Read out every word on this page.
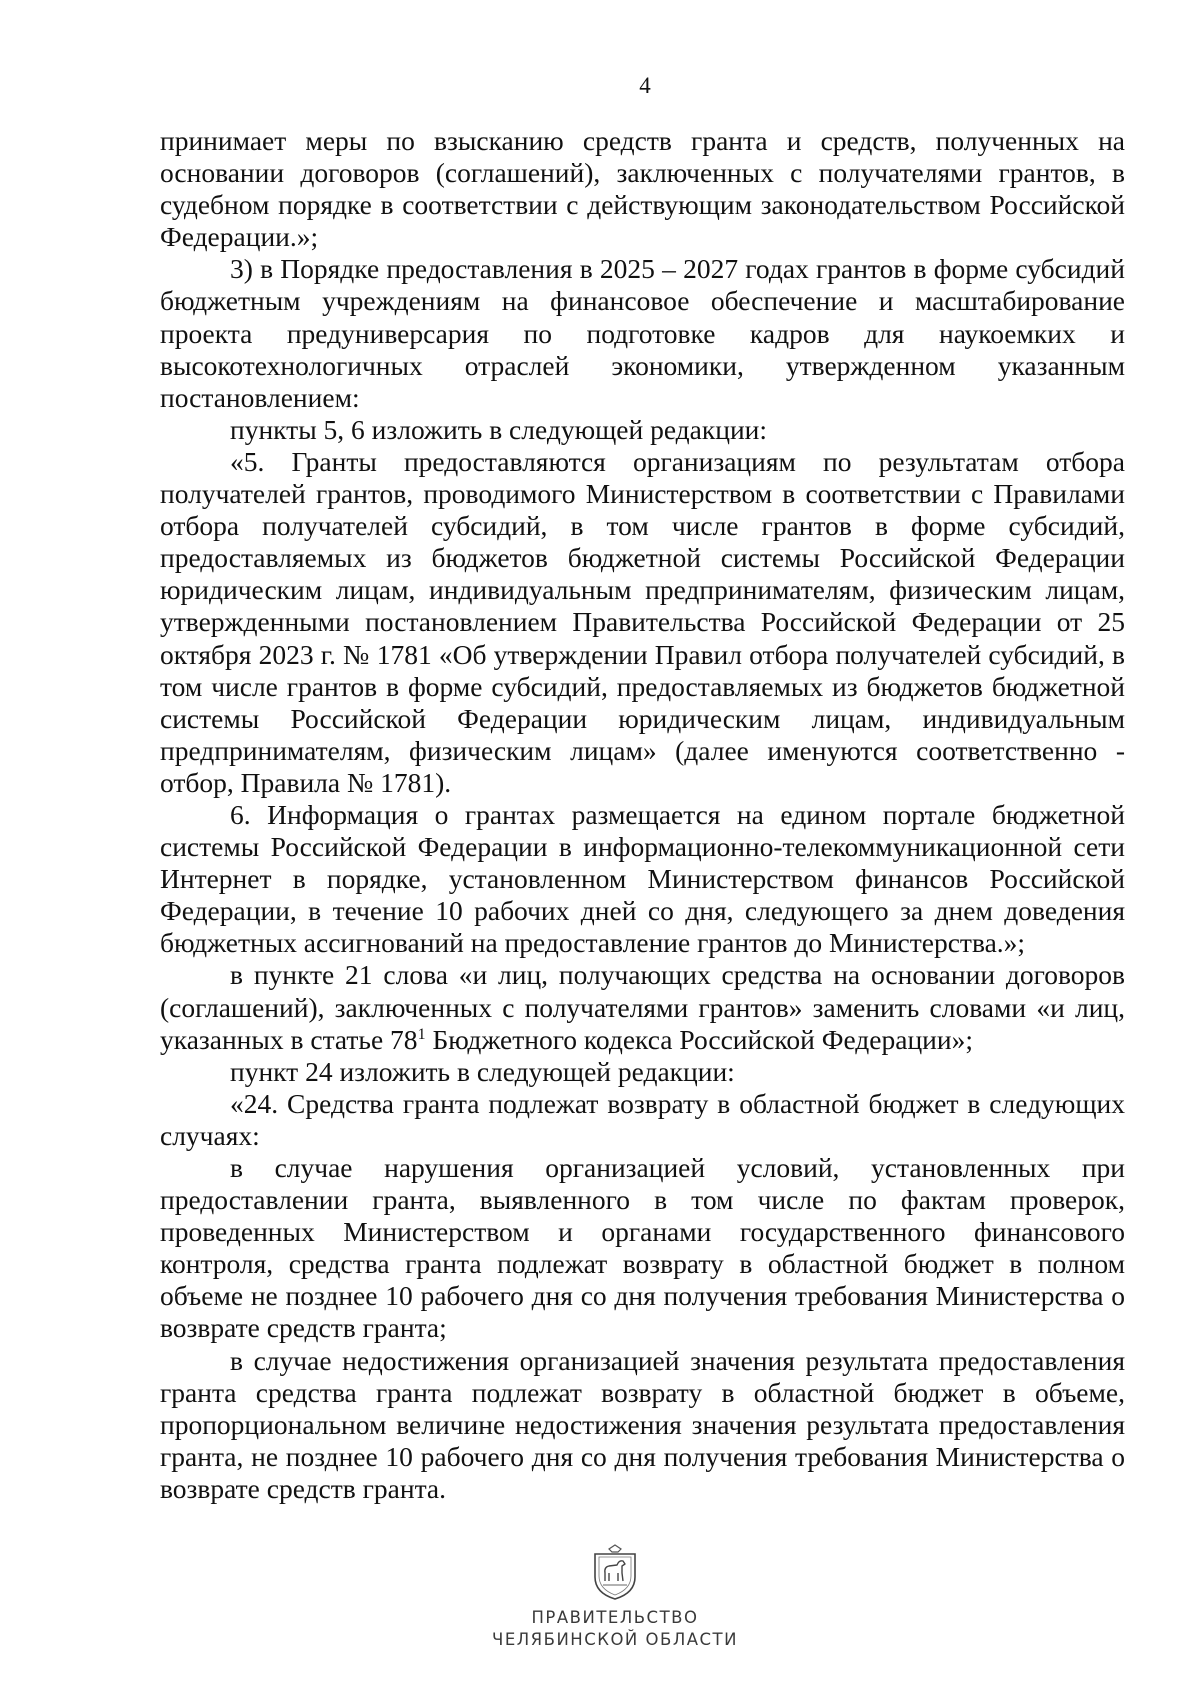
4

принимает меры по взысканию средств гранта и средств, полученных на основании договоров (соглашений), заключенных с получателями грантов, в судебном порядке в соответствии с действующим законодательством Российской Федерации.»;

3) в Порядке предоставления в 2025 – 2027 годах грантов в форме субсидий бюджетным учреждениям на финансовое обеспечение и масштабирование проекта предуниверсария по подготовке кадров для наукоемких и высокотехнологичных отраслей экономики, утвержденном указанным постановлением:

пункты 5, 6 изложить в следующей редакции:

«5. Гранты предоставляются организациям по результатам отбора получателей грантов, проводимого Министерством в соответствии с Правилами отбора получателей субсидий, в том числе грантов в форме субсидий, предоставляемых из бюджетов бюджетной системы Российской Федерации юридическим лицам, индивидуальным предпринимателям, физическим лицам, утвержденными постановлением Правительства Российской Федерации от 25 октября 2023 г. № 1781 «Об утверждении Правил отбора получателей субсидий, в том числе грантов в форме субсидий, предоставляемых из бюджетов бюджетной системы Российской Федерации юридическим лицам, индивидуальным предпринимателям, физическим лицам» (далее именуются соответственно - отбор, Правила № 1781).

6. Информация о грантах размещается на едином портале бюджетной системы Российской Федерации в информационно-телекоммуникационной сети Интернет в порядке, установленном Министерством финансов Российской Федерации, в течение 10 рабочих дней со дня, следующего за днем доведения бюджетных ассигнований на предоставление грантов до Министерства.»;

в пункте 21 слова «и лиц, получающих средства на основании договоров (соглашений), заключенных с получателями грантов» заменить словами «и лиц, указанных в статье $78^1$ Бюджетного кодекса Российской Федерации»;

пункт 24 изложить в следующей редакции:

«24. Средства гранта подлежат возврату в областной бюджет в следующих случаях:

в случае нарушения организацией условий, установленных при предоставлении гранта, выявленного в том числе по фактам проверок, проведенных Министерством и органами государственного финансового контроля, средства гранта подлежат возврату в областной бюджет в полном объеме не позднее 10 рабочего дня со дня получения требования Министерства о возврате средств гранта;

в случае недостижения организацией значения результата предоставления гранта средства гранта подлежат возврату в областной бюджет в объеме, пропорциональном величине недостижения значения результата предоставления гранта, не позднее 10 рабочего дня со дня получения требования Министерства о возврате средств гранта.

ПРАВИТЕЛЬСТВО
ЧЕЛЯБИНСКОЙ ОБЛАСТИ
